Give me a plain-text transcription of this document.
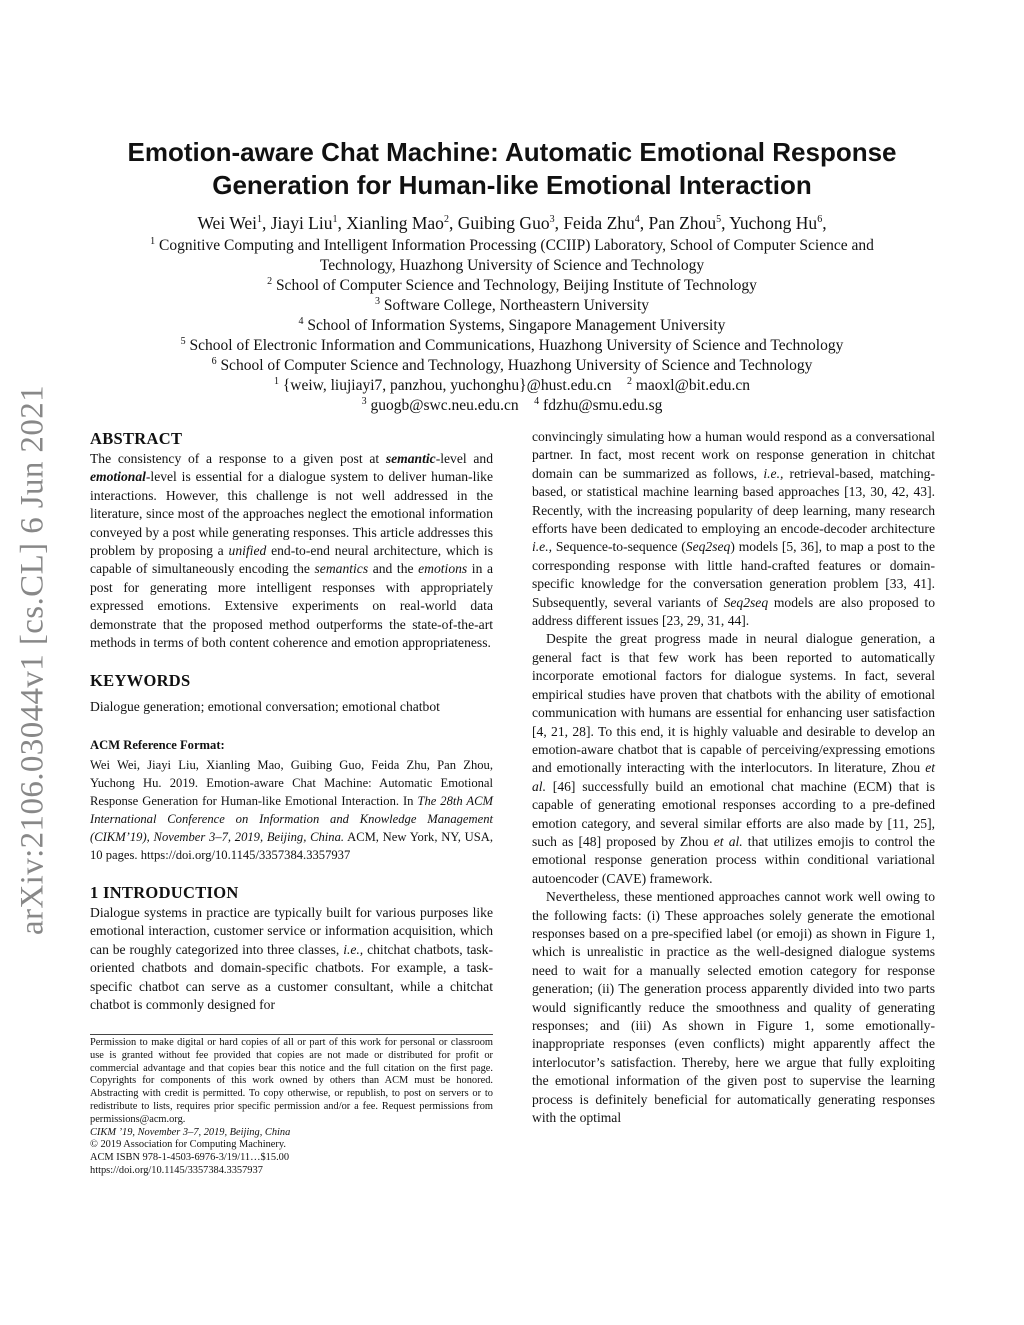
arXiv:2106.03044v1 [cs.CL] 6 Jun 2021
Emotion-aware Chat Machine: Automatic Emotional Response
Generation for Human-like Emotional Interaction
Wei Wei$^1$, Jiayi Liu$^1$, Xianling Mao$^2$, Guibing Guo$^3$, Feida Zhu$^4$, Pan Zhou$^5$, Yuchong Hu$^6$,
$^1$ Cognitive Computing and Intelligent Information Processing (CCIIP) Laboratory, School of Computer Science and
Technology, Huazhong University of Science and Technology
$^2$ School of Computer Science and Technology, Beijing Institute of Technology
$^3$ Software College, Northeastern University
$^4$ School of Information Systems, Singapore Management University
$^5$ School of Electronic Information and Communications, Huazhong University of Science and Technology
$^6$ School of Computer Science and Technology, Huazhong University of Science and Technology
$^1$ {weiw, liujiayi7, panzhou, yuchonghu}@hust.edu.cn $^2$ maoxl@bit.edu.cn
$^3$ guogb@swc.neu.edu.cn $^4$ fdzhu@smu.edu.sg
ABSTRACT

The consistency of a response to a given post at semantic-level and emotional-level is essential for a dialogue system to deliver human-like interactions. However, this challenge is not well addressed in the literature, since most of the approaches neglect the emotional information conveyed by a post while generating responses. This article addresses this problem by proposing a unified end-to-end neural architecture, which is capable of simultaneously encoding the semantics and the emotions in a post for generating more intelligent responses with appropriately expressed emotions. Extensive experiments on real-world data demonstrate that the proposed method outperforms the state-of-the-art methods in terms of both content coherence and emotion appropriateness.

KEYWORDS

Dialogue generation; emotional conversation; emotional chatbot

ACM Reference Format:

Wei Wei, Jiayi Liu, Xianling Mao, Guibing Guo, Feida Zhu, Pan Zhou, Yuchong Hu. 2019. Emotion-aware Chat Machine: Automatic Emotional Response Generation for Human-like Emotional Interaction. In The 28th ACM International Conference on Information and Knowledge Management (CIKM’19), November 3–7, 2019, Beijing, China. ACM, New York, NY, USA, 10 pages. https://doi.org/10.1145/3357384.3357937

1 INTRODUCTION

Dialogue systems in practice are typically built for various purposes like emotional interaction, customer service or information acquisition, which can be roughly categorized into three classes, i.e., chitchat chatbots, task-oriented chatbots and domain-specific chatbots. For example, a task-specific chatbot can serve as a customer consultant, while a chitchat chatbot is commonly designed for

Permission to make digital or hard copies of all or part of this work for personal or classroom use is granted without fee provided that copies are not made or distributed for profit or commercial advantage and that copies bear this notice and the full citation on the first page. Copyrights for components of this work owned by others than ACM must be honored. Abstracting with credit is permitted. To copy otherwise, or republish, to post on servers or to redistribute to lists, requires prior specific permission and/or a fee. Request permissions from permissions@acm.org.

CIKM ’19, November 3–7, 2019, Beijing, China
© 2019 Association for Computing Machinery.
ACM ISBN 978-1-4503-6976-3/19/11…$15.00
https://doi.org/10.1145/3357384.3357937

convincingly simulating how a human would respond as a conversational partner. In fact, most recent work on response generation in chitchat domain can be summarized as follows, i.e., retrieval-based, matching-based, or statistical machine learning based approaches [13, 30, 42, 43]. Recently, with the increasing popularity of deep learning, many research efforts have been dedicated to employing an encode-decoder architecture i.e., Sequence-to-sequence (Seq2seq) models [5, 36], to map a post to the corresponding response with little hand-crafted features or domain-specific knowledge for the conversation generation problem [33, 41]. Subsequently, several variants of Seq2seq models are also proposed to address different issues [23, 29, 31, 44].

Despite the great progress made in neural dialogue generation, a general fact is that few work has been reported to automatically incorporate emotional factors for dialogue systems. In fact, several empirical studies have proven that chatbots with the ability of emotional communication with humans are essential for enhancing user satisfaction [4, 21, 28]. To this end, it is highly valuable and desirable to develop an emotion-aware chatbot that is capable of perceiving/expressing emotions and emotionally interacting with the interlocutors. In literature, Zhou et al. [46] successfully build an emotional chat machine (ECM) that is capable of generating emotional responses according to a pre-defined emotion category, and several similar efforts are also made by [11, 25], such as [48] proposed by Zhou et al. that utilizes emojis to control the emotional response generation process within conditional variational autoencoder (CAVE) framework.

Nevertheless, these mentioned approaches cannot work well owing to the following facts: (i) These approaches solely generate the emotional responses based on a pre-specified label (or emoji) as shown in Figure 1, which is unrealistic in practice as the well-designed dialogue systems need to wait for a manually selected emotion category for response generation; (ii) The generation process apparently divided into two parts would significantly reduce the smoothness and quality of generating responses; and (iii) As shown in Figure 1, some emotionally-inappropriate responses (even conflicts) might apparently affect the interlocutor’s satisfaction. Thereby, here we argue that fully exploiting the emotional information of the given post to supervise the learning process is definitely beneficial for automatically generating responses with the optimal
